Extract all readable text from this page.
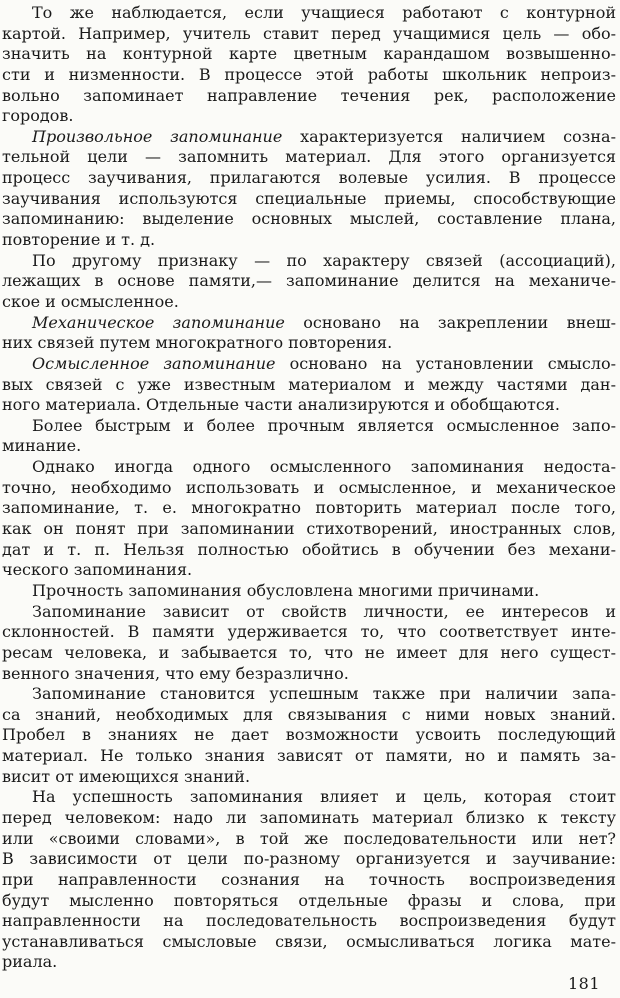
То же наблюдается, если учащиеся работают с контурной
картой. Например, учитель ставит перед учащимися цель — обо-
значить на контурной карте цветным карандашом возвышенно-
сти и низменности. В процессе этой работы школьник непроиз-
вольно запоминает направление течения рек, расположение
городов.
Произвольное запоминание характеризуется наличием созна-
тельной цели — запомнить материал. Для этого организуется
процесс заучивания, прилагаются волевые усилия. В процессе
заучивания используются специальные приемы, способствующие
запоминанию: выделение основных мыслей, составление плана,
повторение и т. д.
По другому признаку — по характеру связей (ассоциаций),
лежащих в основе памяти,— запоминание делится на механиче-
ское и осмысленное.
Механическое запоминание основано на закреплении внеш-
них связей путем многократного повторения.
Осмысленное запоминание основано на установлении смысло-
вых связей с уже известным материалом и между частями дан-
ного материала. Отдельные части анализируются и обобщаются.
Более быстрым и более прочным является осмысленное запо-
минание.
Однако иногда одного осмысленного запоминания недоста-
точно, необходимо использовать и осмысленное, и механическое
запоминание, т. е. многократно повторить материал после того,
как он понят при запоминании стихотворений, иностранных слов,
дат и т. п. Нельзя полностью обойтись в обучении без механи-
ческого запоминания.
Прочность запоминания обусловлена многими причинами.
Запоминание зависит от свойств личности, ее интересов и
склонностей. В памяти удерживается то, что соответствует инте-
ресам человека, и забывается то, что не имеет для него сущест-
венного значения, что ему безразлично.
Запоминание становится успешным также при наличии запа-
са знаний, необходимых для связывания с ними новых знаний.
Пробел в знаниях не дает возможности усвоить последующий
материал. Не только знания зависят от памяти, но и память за-
висит от имеющихся знаний.
На успешность запоминания влияет и цель, которая стоит
перед человеком: надо ли запоминать материал близко к тексту
или «своими словами», в той же последовательности или нет?
В зависимости от цели по-разному организуется и заучивание:
при направленности сознания на точность воспроизведения
будут мысленно повторяться отдельные фразы и слова, при
направленности на последовательность воспроизведения будут
устанавливаться смысловые связи, осмысливаться логика мате-
риала.
181
